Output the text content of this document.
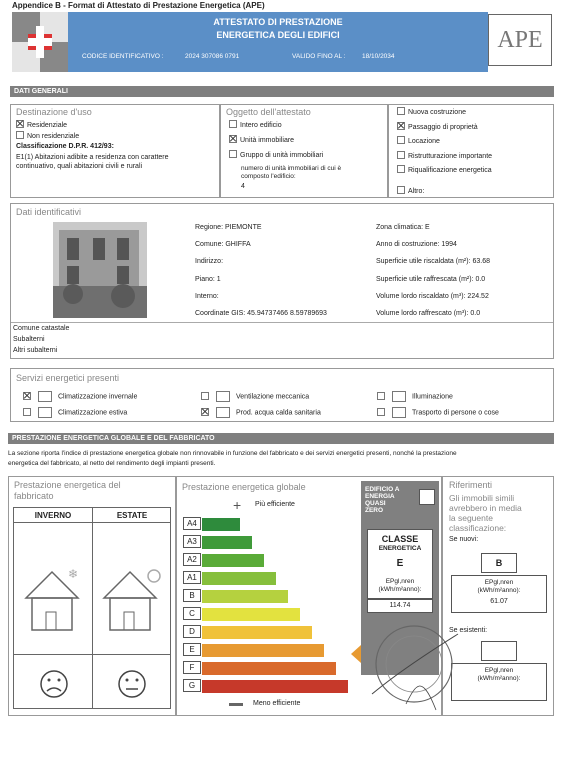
Appendice B - Format di Attestato di Prestazione Energetica (APE)
ATTESTATO DI PRESTAZIONE
ENERGETICA DEGLI EDIFICI
CODICE IDENTIFICATIVO :	2024 307086 0791	VALIDO FINO AL :	18/10/2034
APE
DATI GENERALI
Destinazione d'uso
Residenziale
Non residenziale
Classificazione D.P.R. 412/93:
E1(1) Abitazioni adibite a residenza con carattere
continuativo, quali abitazioni civili e rurali
Oggetto dell'attestato
Intero edificio
Unità immobiliare
Gruppo di unità immobiliari
numero di unità immobiliari di cui è
composto l'edificio:
4
Nuova costruzione
Passaggio di proprietà
Locazione
Ristrutturazione importante
Riqualificazione energetica
Altro:
Dati identificativi
Regione: PIEMONTE
Comune: GHIFFA
Indirizzo:
Piano: 1
Interno:
Coordinate GIS: 45.94737466 8.59789693
Zona climatica: E
Anno di costruzione: 1994
Superficie utile riscaldata (m²): 63.68
Superficie utile raffrescata (m²): 0.0
Volume lordo riscaldato (m³): 224.52
Volume lordo raffrescato (m³): 0.0
Comune catastale
Subalterni
Altri subalterni
Servizi energetici presenti
Climatizzazione invernale
Climatizzazione estiva
Ventilazione meccanica
Prod. acqua calda sanitaria
Illuminazione
Trasporto di persone o cose
PRESTAZIONE ENERGETICA GLOBALE E DEL FABBRICATO
La sezione riporta l'indice di prestazione energetica globale non rinnovabile in funzione del fabbricato e dei servizi energetici presenti, nonché la prestazione
energetica del fabbricato, al netto del rendimento degli impianti presenti.
Prestazione energetica del
fabbricato
INVERNO	ESTATE
❄
Prestazione energetica globale
+ Più efficiente
A4
A3
A2
A1
B
C
D
E
F
G
Meno efficiente
EDIFICIO A
ENERGIA
QUASI
ZERO
CLASSE
ENERGETICA
E
EPgl,nren
(kWh/m²anno):
114.74
Riferimenti
Gli immobili simili
avrebbero in media
la seguente
classificazione:
Se nuovi:
B
EPgl,nren
(kWh/m²anno):
61.07
Se esistenti:
EPgl,nren
(kWh/m²anno):
